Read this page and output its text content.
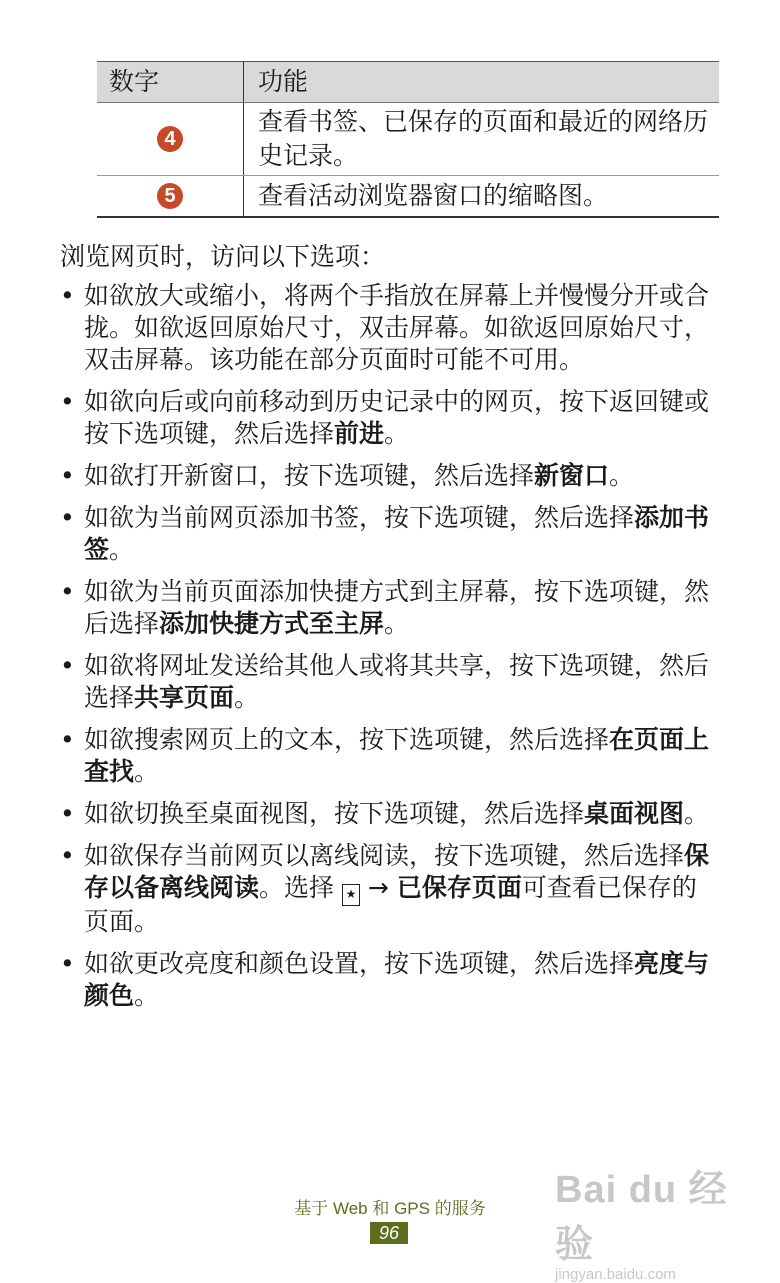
数字	功能

4	查看书签、已保存的页面和最近的网络历史记录。

5	查看活动浏览器窗口的缩略图。

浏览网页时，访问以下选项：

• 如欲放大或缩小，将两个手指放在屏幕上并慢慢分开或合拢。如欲返回原始尺寸，双击屏幕。如欲返回原始尺寸，双击屏幕。该功能在部分页面时可能不可用。
• 如欲向后或向前移动到历史记录中的网页，按下返回键或按下选项键，然后选择前进。
• 如欲打开新窗口，按下选项键，然后选择新窗口。
• 如欲为当前网页添加书签，按下选项键，然后选择添加书签。
• 如欲为当前页面添加快捷方式到主屏幕，按下选项键，然后选择添加快捷方式至主屏。
• 如欲将网址发送给其他人或将其共享，按下选项键，然后选择共享页面。
• 如欲搜索网页上的文本，按下选项键，然后选择在页面上查找。
• 如欲切换至桌面视图，按下选项键，然后选择桌面视图。
• 如欲保存当前网页以离线阅读，按下选项键，然后选择保存以备离线阅读。选择 ★ → 已保存页面可查看已保存的页面。
• 如欲更改亮度和颜色设置，按下选项键，然后选择亮度与颜色。
基于 Web 和 GPS 的服务
96
Bai du 经验
jingyan.baidu.com
